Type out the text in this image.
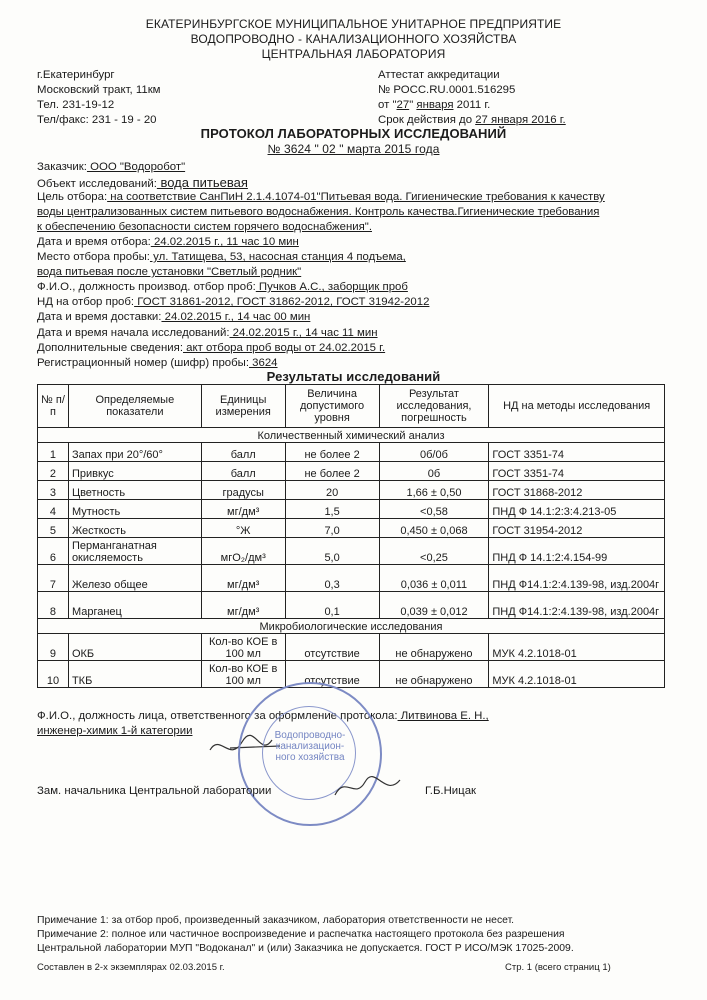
ЕКАТЕРИНБУРГСКОЕ МУНИЦИПАЛЬНОЕ УНИТАРНОЕ ПРЕДПРИЯТИЕ
ВОДОПРОВОДНО - КАНАЛИЗАЦИОННОГО ХОЗЯЙСТВА
ЦЕНТРАЛЬНАЯ ЛАБОРАТОРИЯ
г.Екатеринбург
Московский тракт, 11км
Тел. 231-19-12
Тел/факс: 231 - 19 - 20
Аттестат аккредитации
№ РОСС.RU.0001.516295
от "27" января 2011 г.
Срок действия до 27 января 2016 г.
ПРОТОКОЛ ЛАБОРАТОРНЫХ ИССЛЕДОВАНИЙ
№ 3624 " 02 " марта 2015 года
Заказчик: ООО "Водоробот"
Объект исследований: вода питьевая
Цель отбора: на соответствие СанПиН 2.1.4.1074-01"Питьевая вода. Гигиенические требования к качеству
воды централизованных систем питьевого водоснабжения. Контроль качества.Гигиенические требования
к обеспечению безопасности систем горячего водоснабжения".
Дата и время отбора: 24.02.2015 г., 11 час 10 мин
Место отбора пробы: ул. Татищева, 53, насосная станция 4 подъема,
вода питьевая после установки "Светлый родник"
Ф.И.О., должность производ. отбор проб: Пучков А.С., заборщик проб
НД на отбор проб: ГОСТ 31861-2012, ГОСТ 31862-2012, ГОСТ 31942-2012
Дата и время доставки: 24.02.2015 г., 14 час 00 мин
Дата и время начала исследований: 24.02.2015 г., 14 час 11 мин
Дополнительные сведения: акт отбора проб воды от 24.02.2015 г.
Регистрационный номер (шифр) пробы: 3624
Результаты исследований
№ п/п	Определяемые показатели	Единицы измерения	Величина допустимого уровня	Результат исследования, погрешность	НД на методы исследования
Количественный химический анализ					
1	Запах при 20°/60°	балл	не более 2	0б/0б	ГОСТ 3351-74
2	Привкус	балл	не более 2	0б	ГОСТ 3351-74
3	Цветность	градусы	20	1,66 ± 0,50	ГОСТ 31868-2012
4	Мутность	мг/дм³	1,5	<0,58	ПНД Ф 14.1:2:3:4.213-05
5	Жесткость	°Ж	7,0	0,450 ± 0,068	ГОСТ 31954-2012
6	Перманганатная окисляемость	мгО₂/дм³	5,0	<0,25	ПНД Ф 14.1:2:4.154-99
7	Железо общее	мг/дм³	0,3	0,036 ± 0,011	ПНД Ф14.1:2:4.139-98, изд.2004г
8	Марганец	мг/дм³	0,1	0,039 ± 0,012	ПНД Ф14.1:2:4.139-98, изд.2004г
Микробиологические исследования					
9	ОКБ	Кол-во КОЕ в 100 мл	отсутствие	не обнаружено	МУК 4.2.1018-01
10	ТКБ	Кол-во КОЕ в 100 мл	отсутствие	не обнаружено	МУК 4.2.1018-01
Ф.И.О., должность лица, ответственного за оформление протокола: Литвинова Е. Н.,
инженер-химик 1-й категории	Водопроводно-канализацион-ного хозяйства
Зам. начальника Центральной лаборатории	Г.Б.Ницак
Примечание 1: за отбор проб, произведенный заказчиком, лаборатория ответственности не несет.
Примечание 2: полное или частичное воспроизведение и распечатка настоящего протокола без разрешения
Центральной лаборатории МУП "Водоканал" и (или) Заказчика не допускается. ГОСТ Р ИСО/МЭК 17025-2009.
Составлен в 2-х экземплярах 02.03.2015 г.	Стр. 1 (всего страниц 1)
